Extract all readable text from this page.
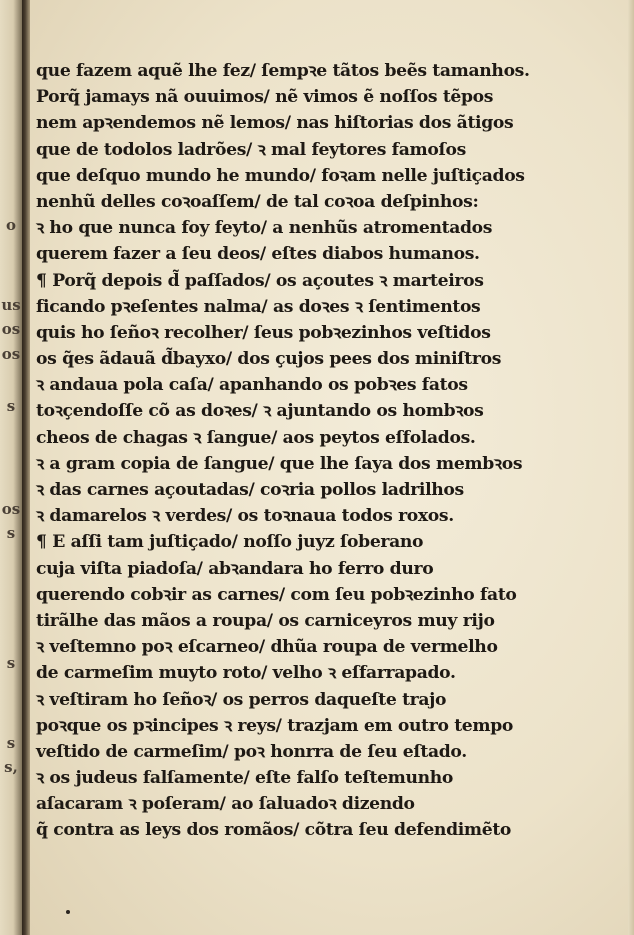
o
us
os
os
s
os
s
s
s
s,
que fazem aquẽ lhe fez/ ſempꝛe tãtos beẽs tamanhos.
Porq̃ jamays nã ouuimos/ nẽ vimos ẽ noſſos tẽpos
nem apꝛendemos nẽ lemos/ nas hiſtorias dos ãtigos
que de todolos ladrões/ ꝛ mal feytores famoſos
que deſquo mundo he mundo/ foꝛam nelle juſtiçados
nenhũ delles coꝛoaſſem/ de tal coꝛoa deſpinhos:
ꝛ ho que nunca foy feyto/ a nenhũs atromentados
querem fazer a ſeu deos/ eſtes diabos humanos.
¶ Porq̃ depois d̃ paſſados/ os açoutes ꝛ marteiros
ficando pꝛeſentes nalma/ as doꝛes ꝛ ſentimentos
quis ho ſeñoꝛ recolher/ ſeus pobꝛezinhos veſtidos
os q̃es ãdauã d̃bayxo/ dos çujos pees dos miniſtros
ꝛ andaua pola caſa/ apanhando os pobꝛes fatos
toꝛçendoſſe cõ as doꝛes/ ꝛ ajuntando os hombꝛos
cheos de chagas ꝛ ſangue/ aos peytos eſfolados.
ꝛ a gram copia de ſangue/ que lhe ſaya dos membꝛos
ꝛ das carnes açoutadas/ coꝛria pollos ladrilhos
ꝛ damarelos ꝛ verdes/ os toꝛnaua todos roxos.
¶ E aſſi tam juſtiçado/ noſſo juyz ſoberano
cuja viſta piadoſa/ abꝛandara ho ferro duro
querendo cobꝛir as carnes/ com ſeu pobꝛezinho fato
tirãlhe das mãos a roupa/ os carniceyros muy rijo
ꝛ veſtemno poꝛ eſcarneo/ dhũa roupa de vermelho
de carmeſim muyto roto/ velho ꝛ eſfarrapado.
ꝛ veſtiram ho ſeñoꝛ/ os perros daqueſte trajo
poꝛque os pꝛincipes ꝛ reys/ trazjam em outro tempo
veſtido de carmeſim/ poꝛ honrra de ſeu eſtado.
ꝛ os judeus falſamente/ eſte falſo teſtemunho
aſacaram ꝛ poſeram/ ao ſaluadoꝛ dizendo
q̃ contra as leys dos romãos/ cõtra ſeu defendimẽto
